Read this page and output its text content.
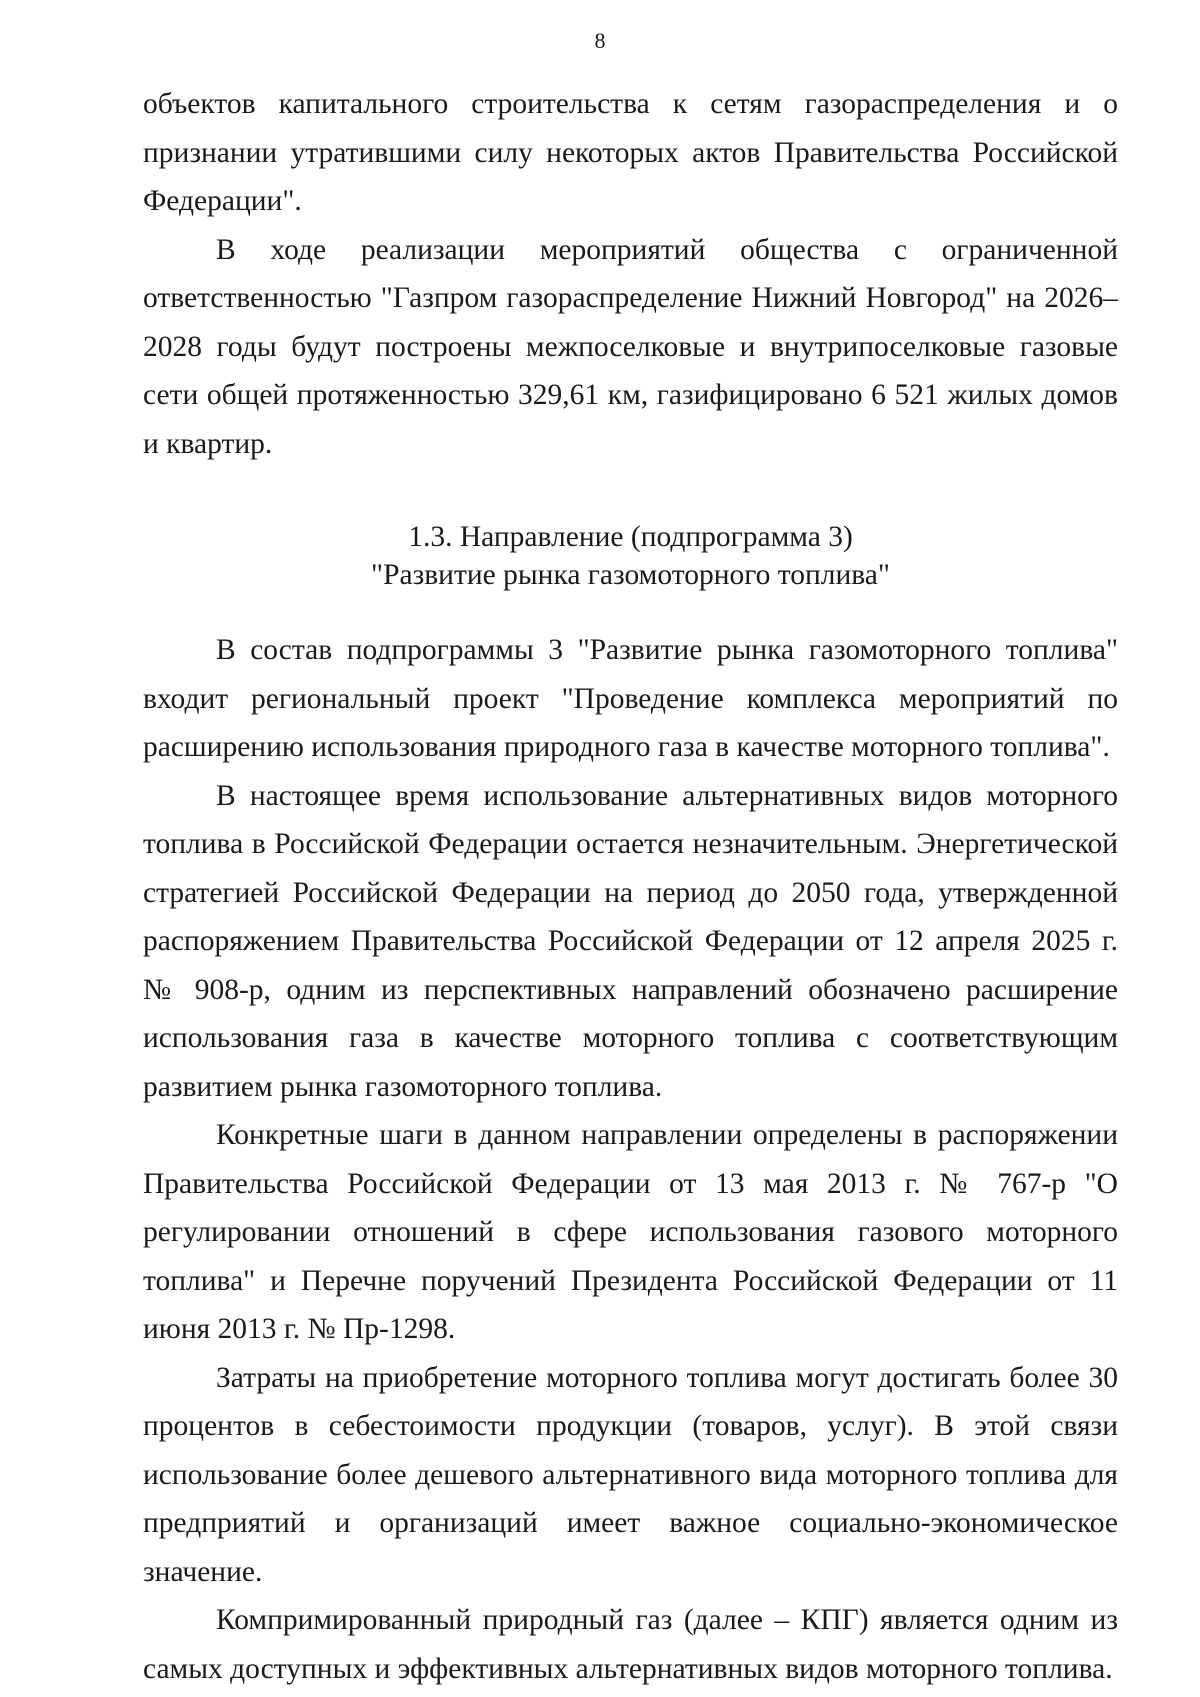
8

объектов капитального строительства к сетям газораспределения и о признании утратившими силу некоторых актов Правительства Российской Федерации".

В ходе реализации мероприятий общества с ограниченной ответственностью "Газпром газораспределение Нижний Новгород" на 2026–2028 годы будут построены межпоселковые и внутрипоселковые газовые сети общей протяженностью 329,61 км, газифицировано 6 521 жилых домов и квартир.

1.3. Направление (подпрограмма 3)
"Развитие рынка газомоторного топлива"

В состав подпрограммы 3 "Развитие рынка газомоторного топлива" входит региональный проект "Проведение комплекса мероприятий по расширению использования природного газа в качестве моторного топлива".

В настоящее время использование альтернативных видов моторного топлива в Российской Федерации остается незначительным. Энергетической стратегией Российской Федерации на период до 2050 года, утвержденной распоряжением Правительства Российской Федерации от 12 апреля 2025 г. № 908-р, одним из перспективных направлений обозначено расширение использования газа в качестве моторного топлива с соответствующим развитием рынка газомоторного топлива.

Конкретные шаги в данном направлении определены в распоряжении Правительства Российской Федерации от 13 мая 2013 г. № 767-р "О регулировании отношений в сфере использования газового моторного топлива" и Перечне поручений Президента Российской Федерации от 11 июня 2013 г. № Пр-1298.

Затраты на приобретение моторного топлива могут достигать более 30 процентов в себестоимости продукции (товаров, услуг). В этой связи использование более дешевого альтернативного вида моторного топлива для предприятий и организаций имеет важное социально-экономическое значение.

Компримированный природный газ (далее – КПГ) является одним из самых доступных и эффективных альтернативных видов моторного топлива.
